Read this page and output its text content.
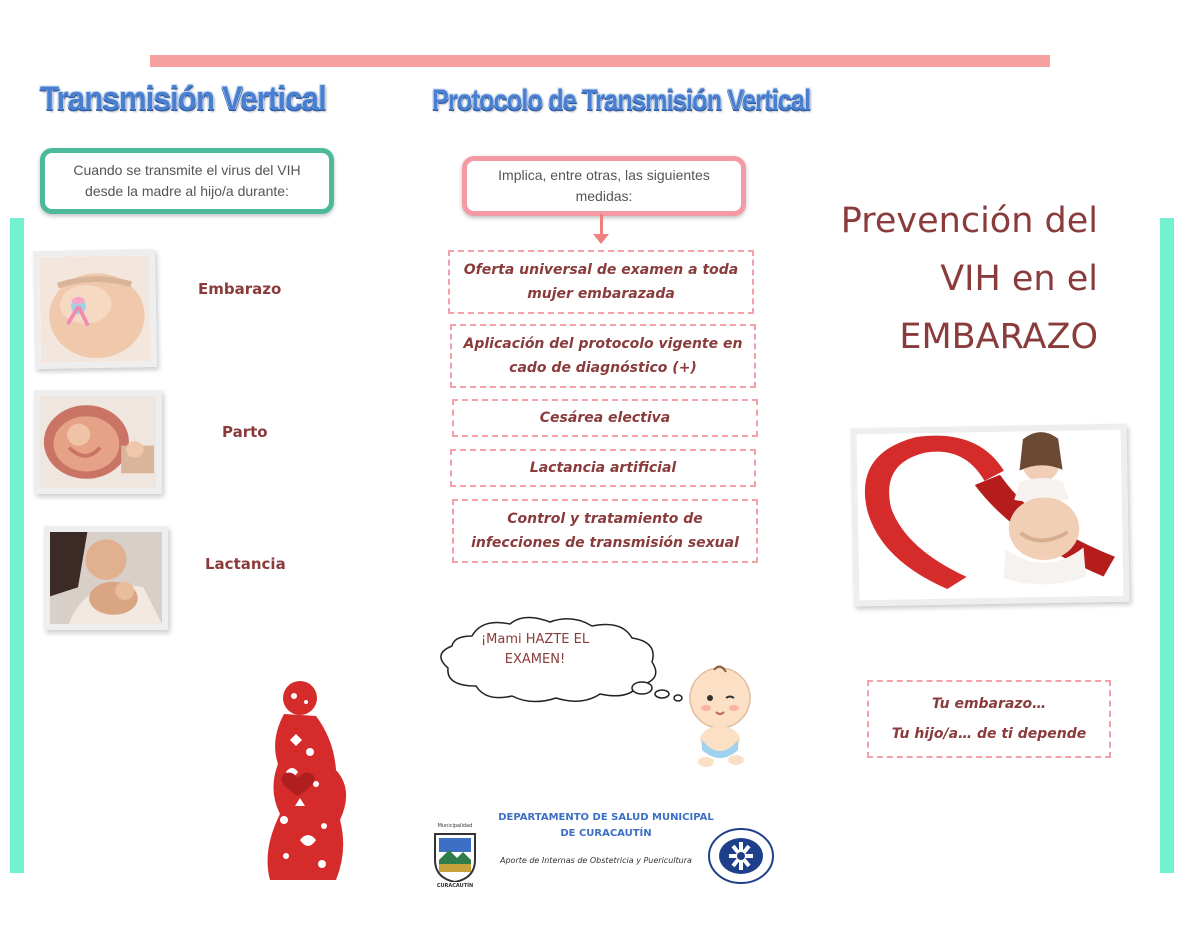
Transmisión Vertical
Cuando se transmite el virus del VIH desde la madre al hijo/a durante:
Embarazo
Parto
Lactancia
Protocolo de Transmisión Vertical
Implica, entre otras, las siguientes medidas:
Oferta universal de examen a toda mujer embarazada
Aplicación del protocolo vigente en cado de diagnóstico (+)
Cesárea electiva
Lactancia artificial
Control y tratamiento de infecciones de transmisión sexual
¡Mami HAZTE EL EXAMEN!
Municipalidad
CURACAUTÍN
DEPARTAMENTO DE SALUD MUNICIPAL
DE CURACAUTÍN
Aporte de Internas de Obstetricia y Puericultura
Prevención del
VIH en el
EMBARAZO
Tu embarazo…
Tu hijo/a… de ti depende
